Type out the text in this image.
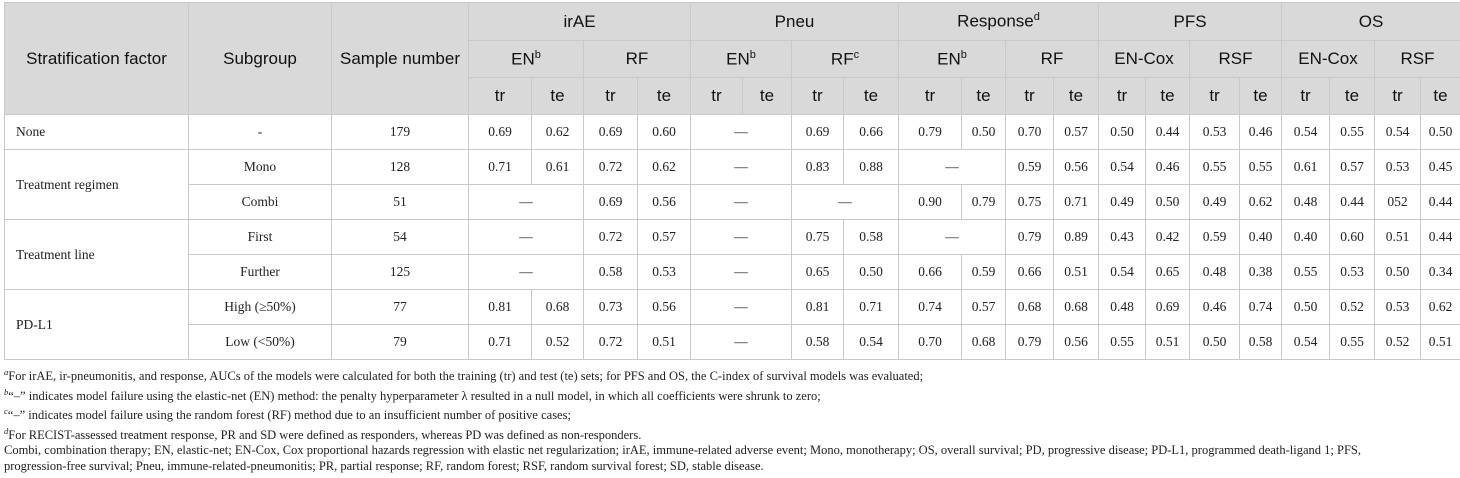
Stratification factor	Subgroup	Sample number	irAE				Pneu				Response$^d$				PFS				OS			
			$EN^b$		RF		$EN^b$		$RF^c$		$EN^b$		RF		EN-Cox		RSF		EN-Cox		RSF	
			tr	te	tr	te	tr	te	tr	te	tr	te	tr	te	tr	te	tr	te	tr	te	tr	te
None	-	179	0.69	0.62	0.69	0.60	—		0.69	0.66	0.79	0.50	0.70	0.57	0.50	0.44	0.53	0.46	0.54	0.55	0.54	0.50
Treatment regimen	Mono	128	0.71	0.61	0.72	0.62	—		0.83	0.88	—		0.59	0.56	0.54	0.46	0.55	0.55	0.61	0.57	0.53	0.45
	Combi	51	—		0.69	0.56	—		—		0.90	0.79	0.75	0.71	0.49	0.50	0.49	0.62	0.48	0.44	052	0.44
Treatment line	First	54	—		0.72	0.57	—		0.75	0.58	—		0.79	0.89	0.43	0.42	0.59	0.40	0.40	0.60	0.51	0.44
	Further	125	—		0.58	0.53	—		0.65	0.50	0.66	0.59	0.66	0.51	0.54	0.65	0.48	0.38	0.55	0.53	0.50	0.34
PD-L1	High (≥50%)	77	0.81	0.68	0.73	0.56	—		0.81	0.71	0.74	0.57	0.68	0.68	0.48	0.69	0.46	0.74	0.50	0.52	0.53	0.62
	Low (<50%)	79	0.71	0.52	0.72	0.51	—		0.58	0.54	0.70	0.68	0.79	0.56	0.55	0.51	0.50	0.58	0.54	0.55	0.52	0.51
$^a$For irAE, ir-pneumonitis, and response, AUCs of the models were calculated for both the training (tr) and test (te) sets; for PFS and OS, the C-index of survival models was evaluated;
$^b$“–” indicates model failure using the elastic-net (EN) method: the penalty hyperparameter λ resulted in a null model, in which all coefficients were shrunk to zero;
$^c$“–” indicates model failure using the random forest (RF) method due to an insufficient number of positive cases;
$^d$For RECIST-assessed treatment response, PR and SD were defined as responders, whereas PD was defined as non-responders.
Combi, combination therapy; EN, elastic-net; EN-Cox, Cox proportional hazards regression with elastic net regularization; irAE, immune-related adverse event; Mono, monotherapy; OS, overall survival; PD, progressive disease; PD-L1, programmed death-ligand 1; PFS,
progression-free survival; Pneu, immune-related-pneumonitis; PR, partial response; RF, random forest; RSF, random survival forest; SD, stable disease.
